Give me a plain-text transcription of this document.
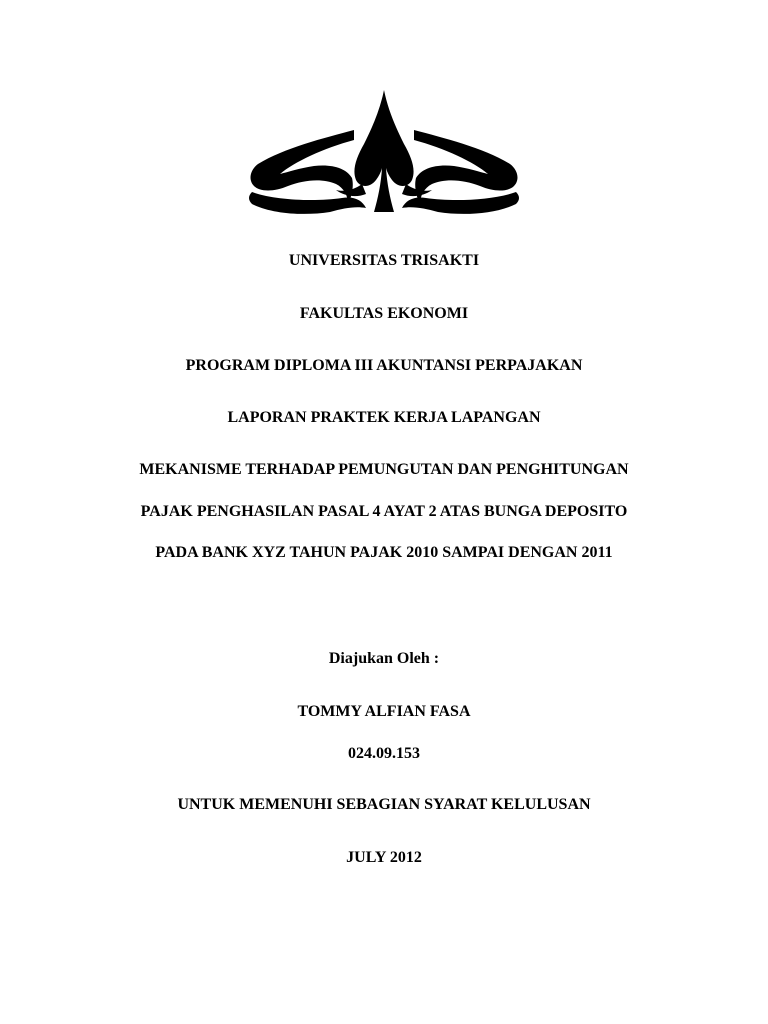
UNIVERSITAS TRISAKTI
FAKULTAS EKONOMI
PROGRAM DIPLOMA III AKUNTANSI PERPAJAKAN
LAPORAN PRAKTEK KERJA LAPANGAN
MEKANISME TERHADAP PEMUNGUTAN DAN PENGHITUNGAN
PAJAK PENGHASILAN PASAL 4 AYAT 2 ATAS BUNGA DEPOSITO
PADA BANK XYZ TAHUN PAJAK 2010 SAMPAI DENGAN 2011
Diajukan Oleh :
TOMMY ALFIAN FASA
024.09.153
UNTUK MEMENUHI SEBAGIAN SYARAT KELULUSAN
JULY 2012
